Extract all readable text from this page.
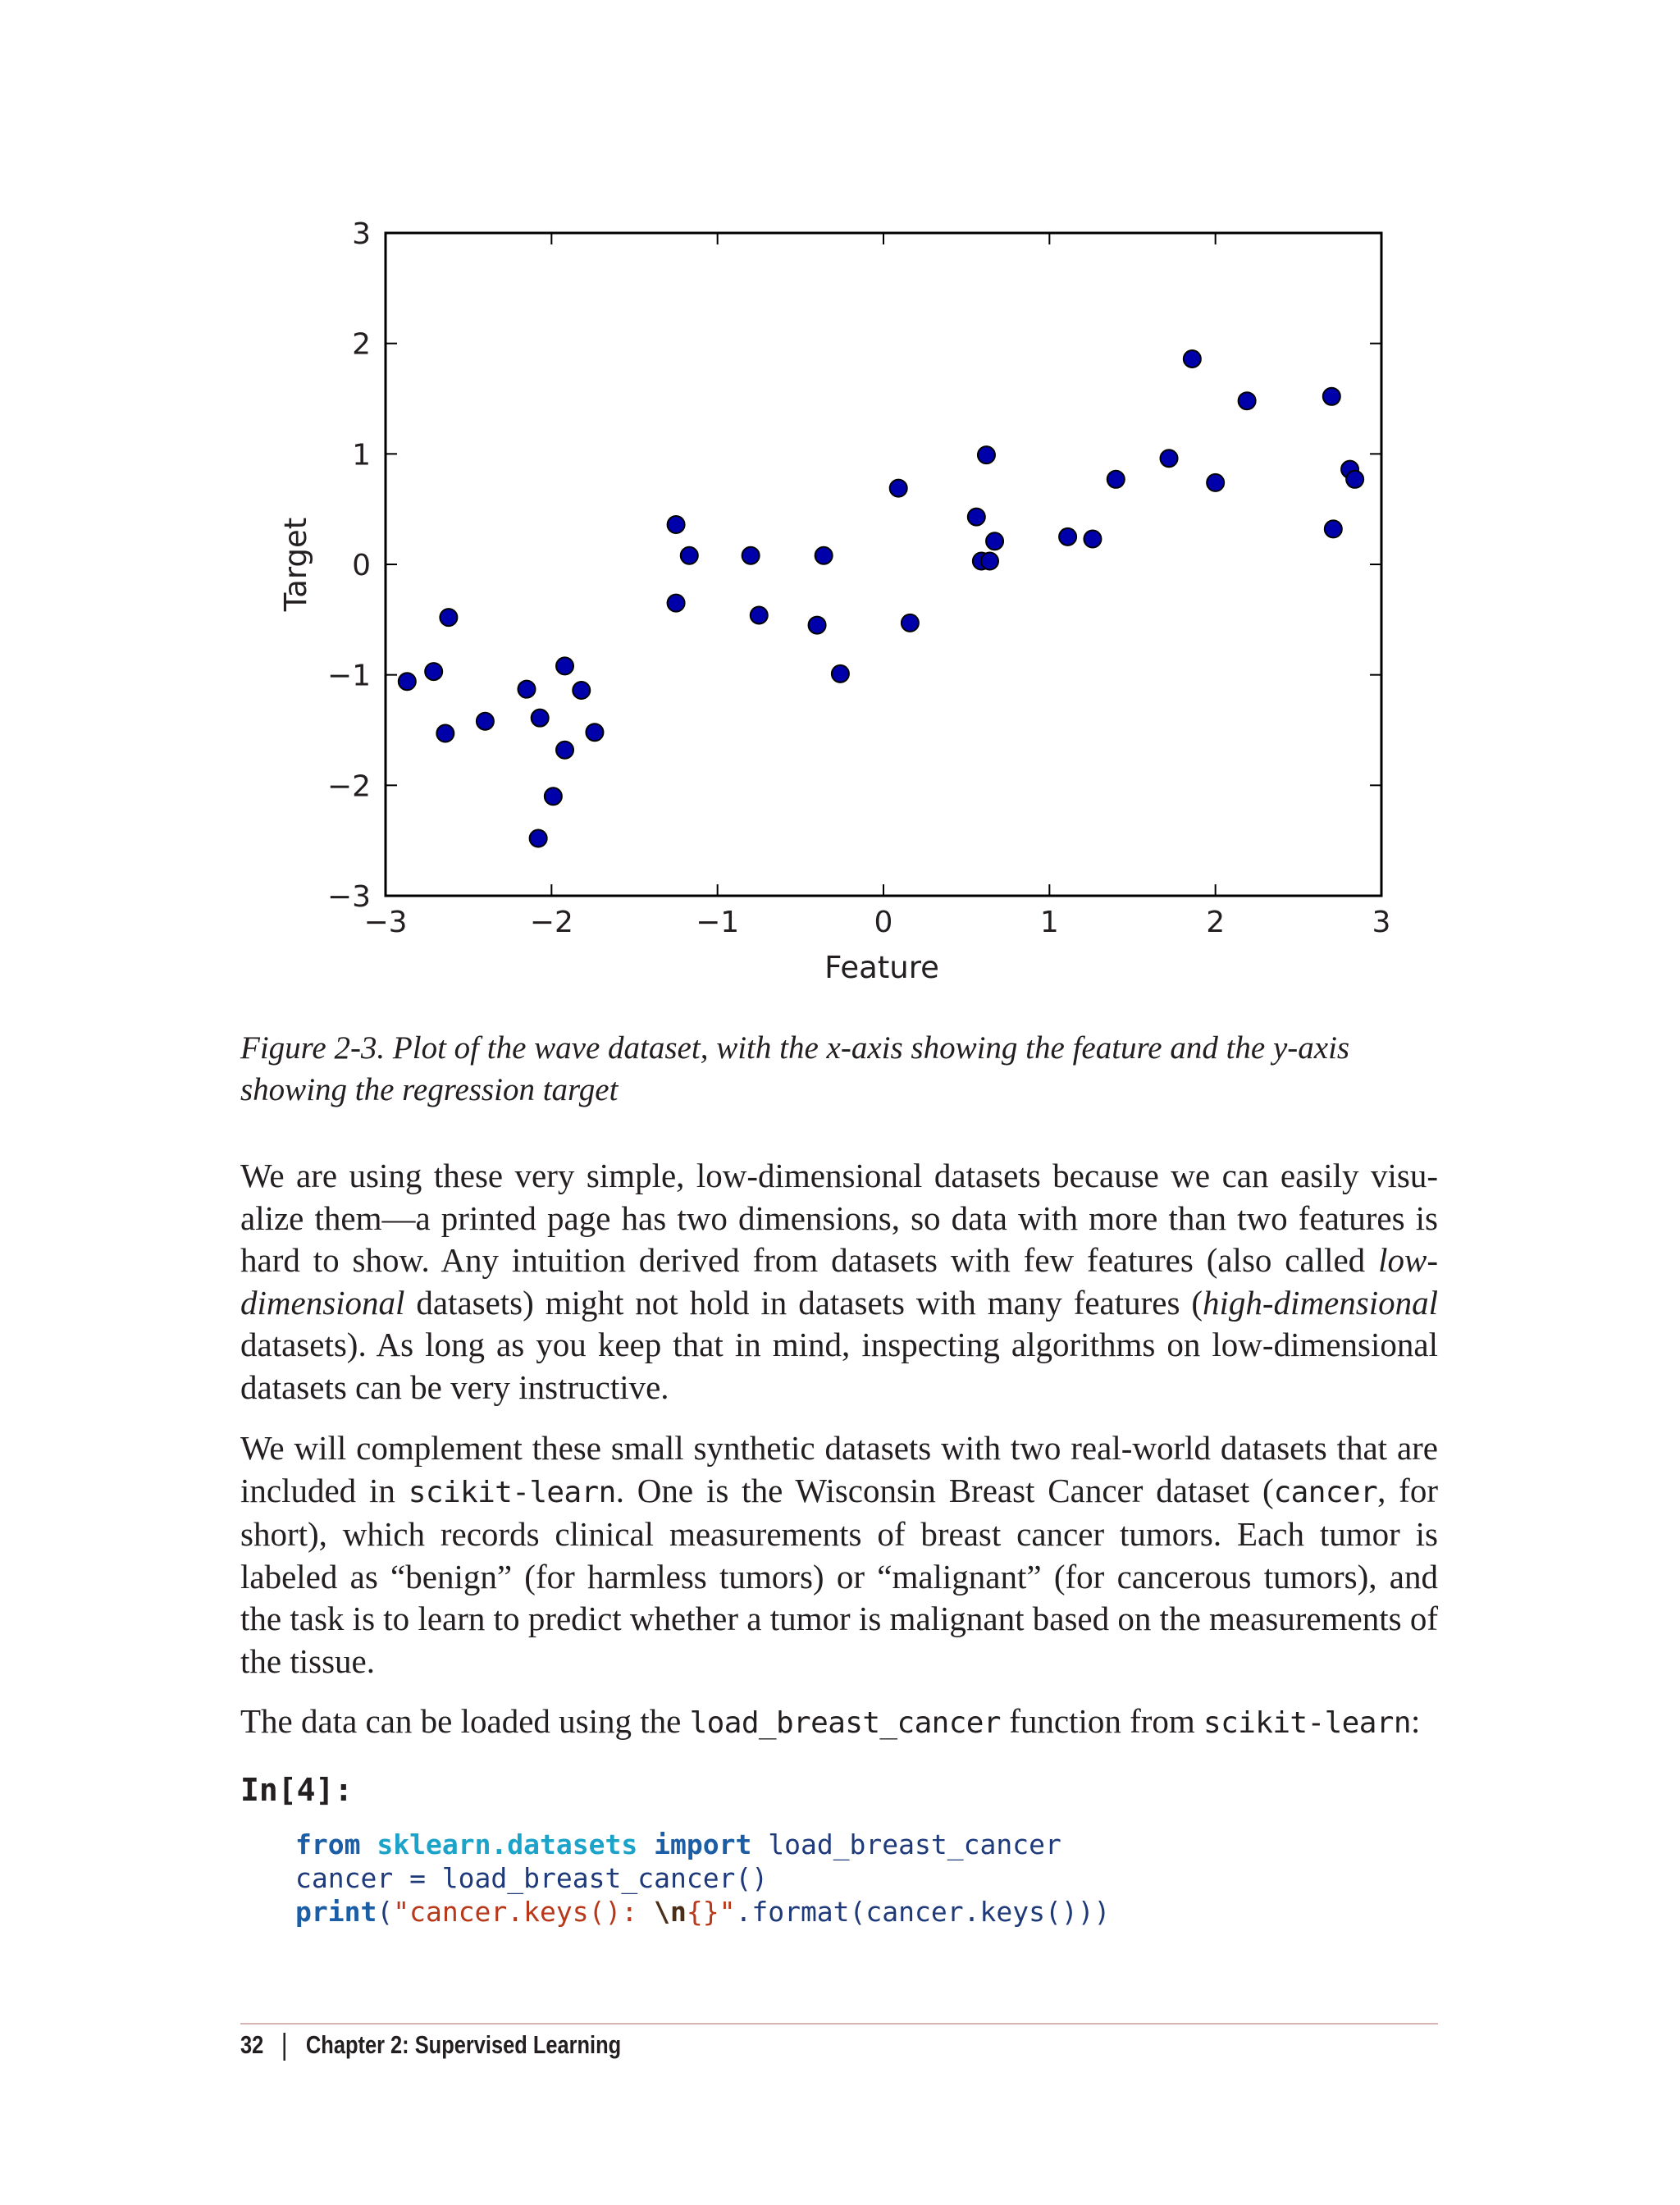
−3	−2	−1	0	1	2	3
−3
−2
−1
0
1
2
3
Feature
Target
Figure 2-3. Plot of the wave dataset, with the x-axis showing the feature and the y-axis showing the regression target

We are using these very simple, low-dimensional datasets because we can easily visualize them—a printed page has two dimensions, so data with more than two features is hard to show. Any intuition derived from datasets with few features (also called low-dimensional datasets) might not hold in datasets with many features (high-dimensional datasets). As long as you keep that in mind, inspecting algorithms on low-dimensional datasets can be very instructive.

We will complement these small synthetic datasets with two real-world datasets that are included in scikit-learn. One is the Wisconsin Breast Cancer dataset (cancer, for short), which records clinical measurements of breast cancer tumors. Each tumor is labeled as “benign” (for harmless tumors) or “malignant” (for cancerous tumors), and the task is to learn to predict whether a tumor is malignant based on the measurements of the tissue.

The data can be loaded using the load_breast_cancer function from scikit-learn:

In[4]:
from sklearn.datasets import load_breast_cancer
cancer = load_breast_cancer()
print("cancer.keys(): \n{}".format(cancer.keys()))
32 Chapter 2: Supervised Learning
